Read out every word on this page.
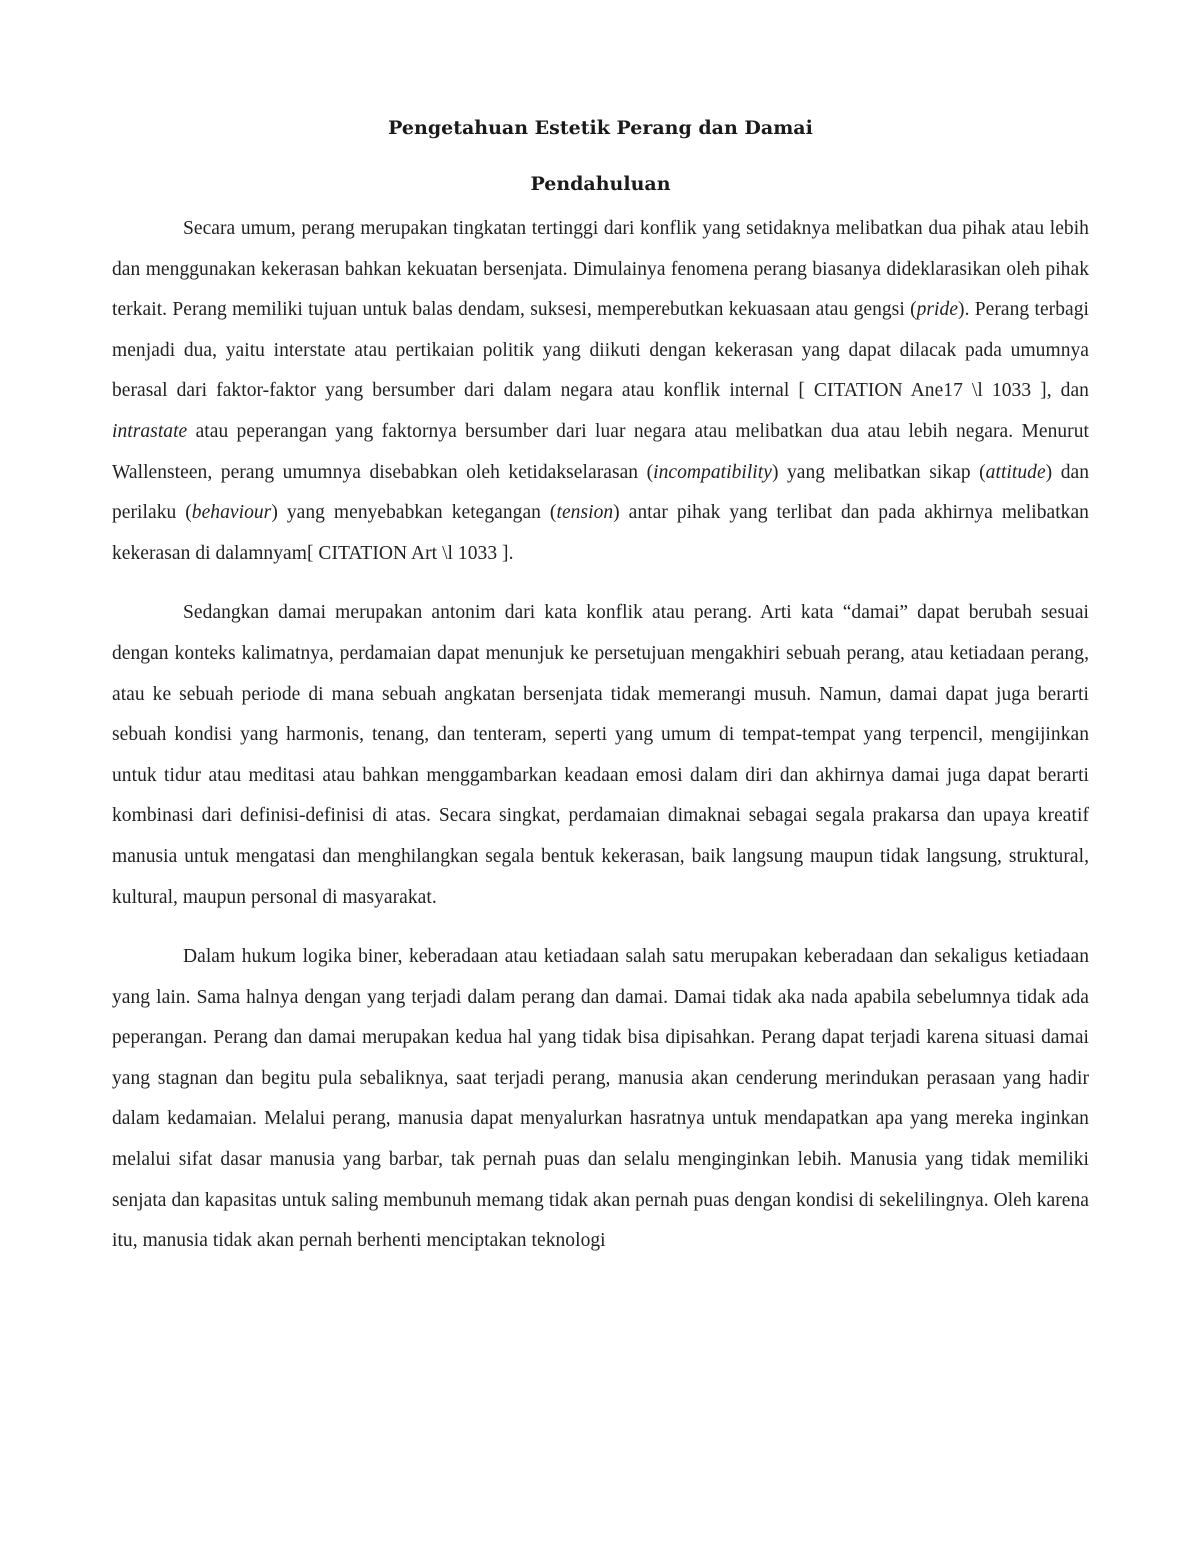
Pengetahuan Estetik Perang dan Damai
Pendahuluan

Secara umum, perang merupakan tingkatan tertinggi dari konflik yang setidaknya melibatkan dua pihak atau lebih dan menggunakan kekerasan bahkan kekuatan bersenjata. Dimulainya fenomena perang biasanya dideklarasikan oleh pihak terkait. Perang memiliki tujuan untuk balas dendam, suksesi, memperebutkan kekuasaan atau gengsi (pride). Perang terbagi menjadi dua, yaitu interstate atau pertikaian politik yang diikuti dengan kekerasan yang dapat dilacak pada umumnya berasal dari faktor-faktor yang bersumber dari dalam negara atau konflik internal [ CITATION Ane17 \l 1033 ], dan intrastate atau peperangan yang faktornya bersumber dari luar negara atau melibatkan dua atau lebih negara. Menurut Wallensteen, perang umumnya disebabkan oleh ketidakselarasan (incompatibility) yang melibatkan sikap (attitude) dan perilaku (behaviour) yang menyebabkan ketegangan (tension) antar pihak yang terlibat dan pada akhirnya melibatkan kekerasan di dalamnyam[ CITATION Art \l 1033 ].

Sedangkan damai merupakan antonim dari kata konflik atau perang. Arti kata “damai” dapat berubah sesuai dengan konteks kalimatnya, perdamaian dapat menunjuk ke persetujuan mengakhiri sebuah perang, atau ketiadaan perang, atau ke sebuah periode di mana sebuah angkatan bersenjata tidak memerangi musuh. Namun, damai dapat juga berarti sebuah kondisi yang harmonis, tenang, dan tenteram, seperti yang umum di tempat-tempat yang terpencil, mengijinkan untuk tidur atau meditasi atau bahkan menggambarkan keadaan emosi dalam diri dan akhirnya damai juga dapat berarti kombinasi dari definisi-definisi di atas. Secara singkat, perdamaian dimaknai sebagai segala prakarsa dan upaya kreatif manusia untuk mengatasi dan menghilangkan segala bentuk kekerasan, baik langsung maupun tidak langsung, struktural, kultural, maupun personal di masyarakat.

Dalam hukum logika biner, keberadaan atau ketiadaan salah satu merupakan keberadaan dan sekaligus ketiadaan yang lain. Sama halnya dengan yang terjadi dalam perang dan damai. Damai tidak aka nada apabila sebelumnya tidak ada peperangan. Perang dan damai merupakan kedua hal yang tidak bisa dipisahkan. Perang dapat terjadi karena situasi damai yang stagnan dan begitu pula sebaliknya, saat terjadi perang, manusia akan cenderung merindukan perasaan yang hadir dalam kedamaian. Melalui perang, manusia dapat menyalurkan hasratnya untuk mendapatkan apa yang mereka inginkan melalui sifat dasar manusia yang barbar, tak pernah puas dan selalu menginginkan lebih. Manusia yang tidak memiliki senjata dan kapasitas untuk saling membunuh memang tidak akan pernah puas dengan kondisi di sekelilingnya. Oleh karena itu, manusia tidak akan pernah berhenti menciptakan teknologi
